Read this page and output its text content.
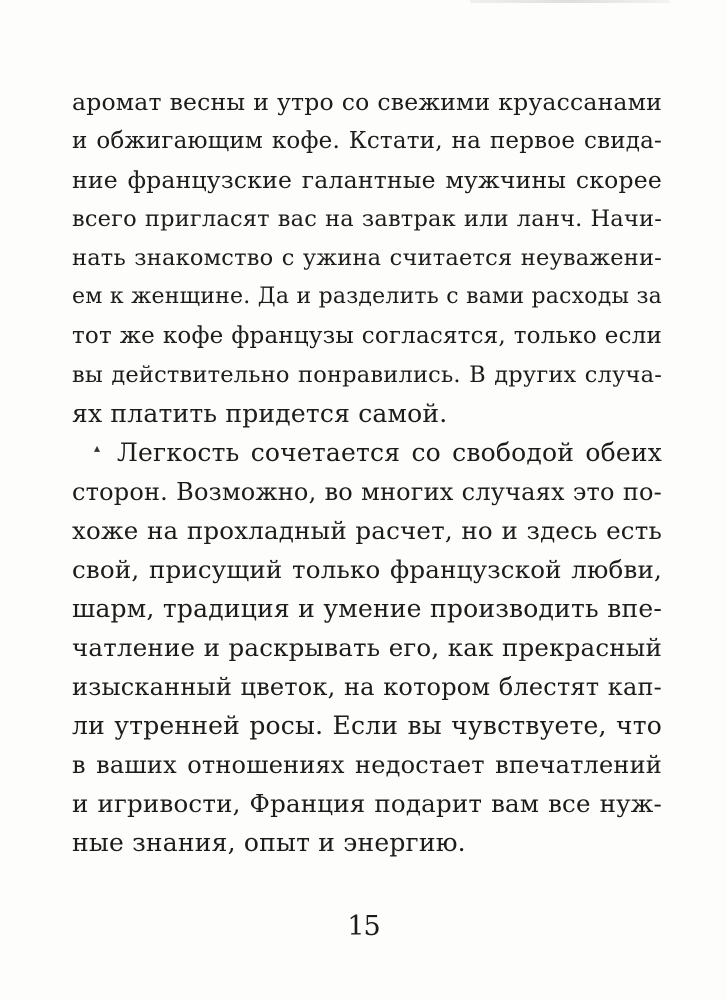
аромат весны и утро со свежими круассанами
и обжигающим кофе. Кстати, на первое свида-
ние французские галантные мужчины скорее
всего пригласят вас на завтрак или ланч. Начи-
нать знакомство с ужина считается неуважени-
ем к женщине. Да и разделить с вами расходы за
тот же кофе французы согласятся, только если
вы действительно понравились. В других случа-
ях платить придется самой.
▴ Легкость сочетается со свободой обеих
сторон. Возможно, во многих случаях это по-
хоже на прохладный расчет, но и здесь есть
свой, присущий только французской любви,
шарм, традиция и умение производить впе-
чатление и раскрывать его, как прекрасный
изысканный цветок, на котором блестят кап-
ли утренней росы. Если вы чувствуете, что
в ваших отношениях недостает впечатлений
и игривости, Франция подарит вам все нуж-
ные знания, опыт и энергию.
15
